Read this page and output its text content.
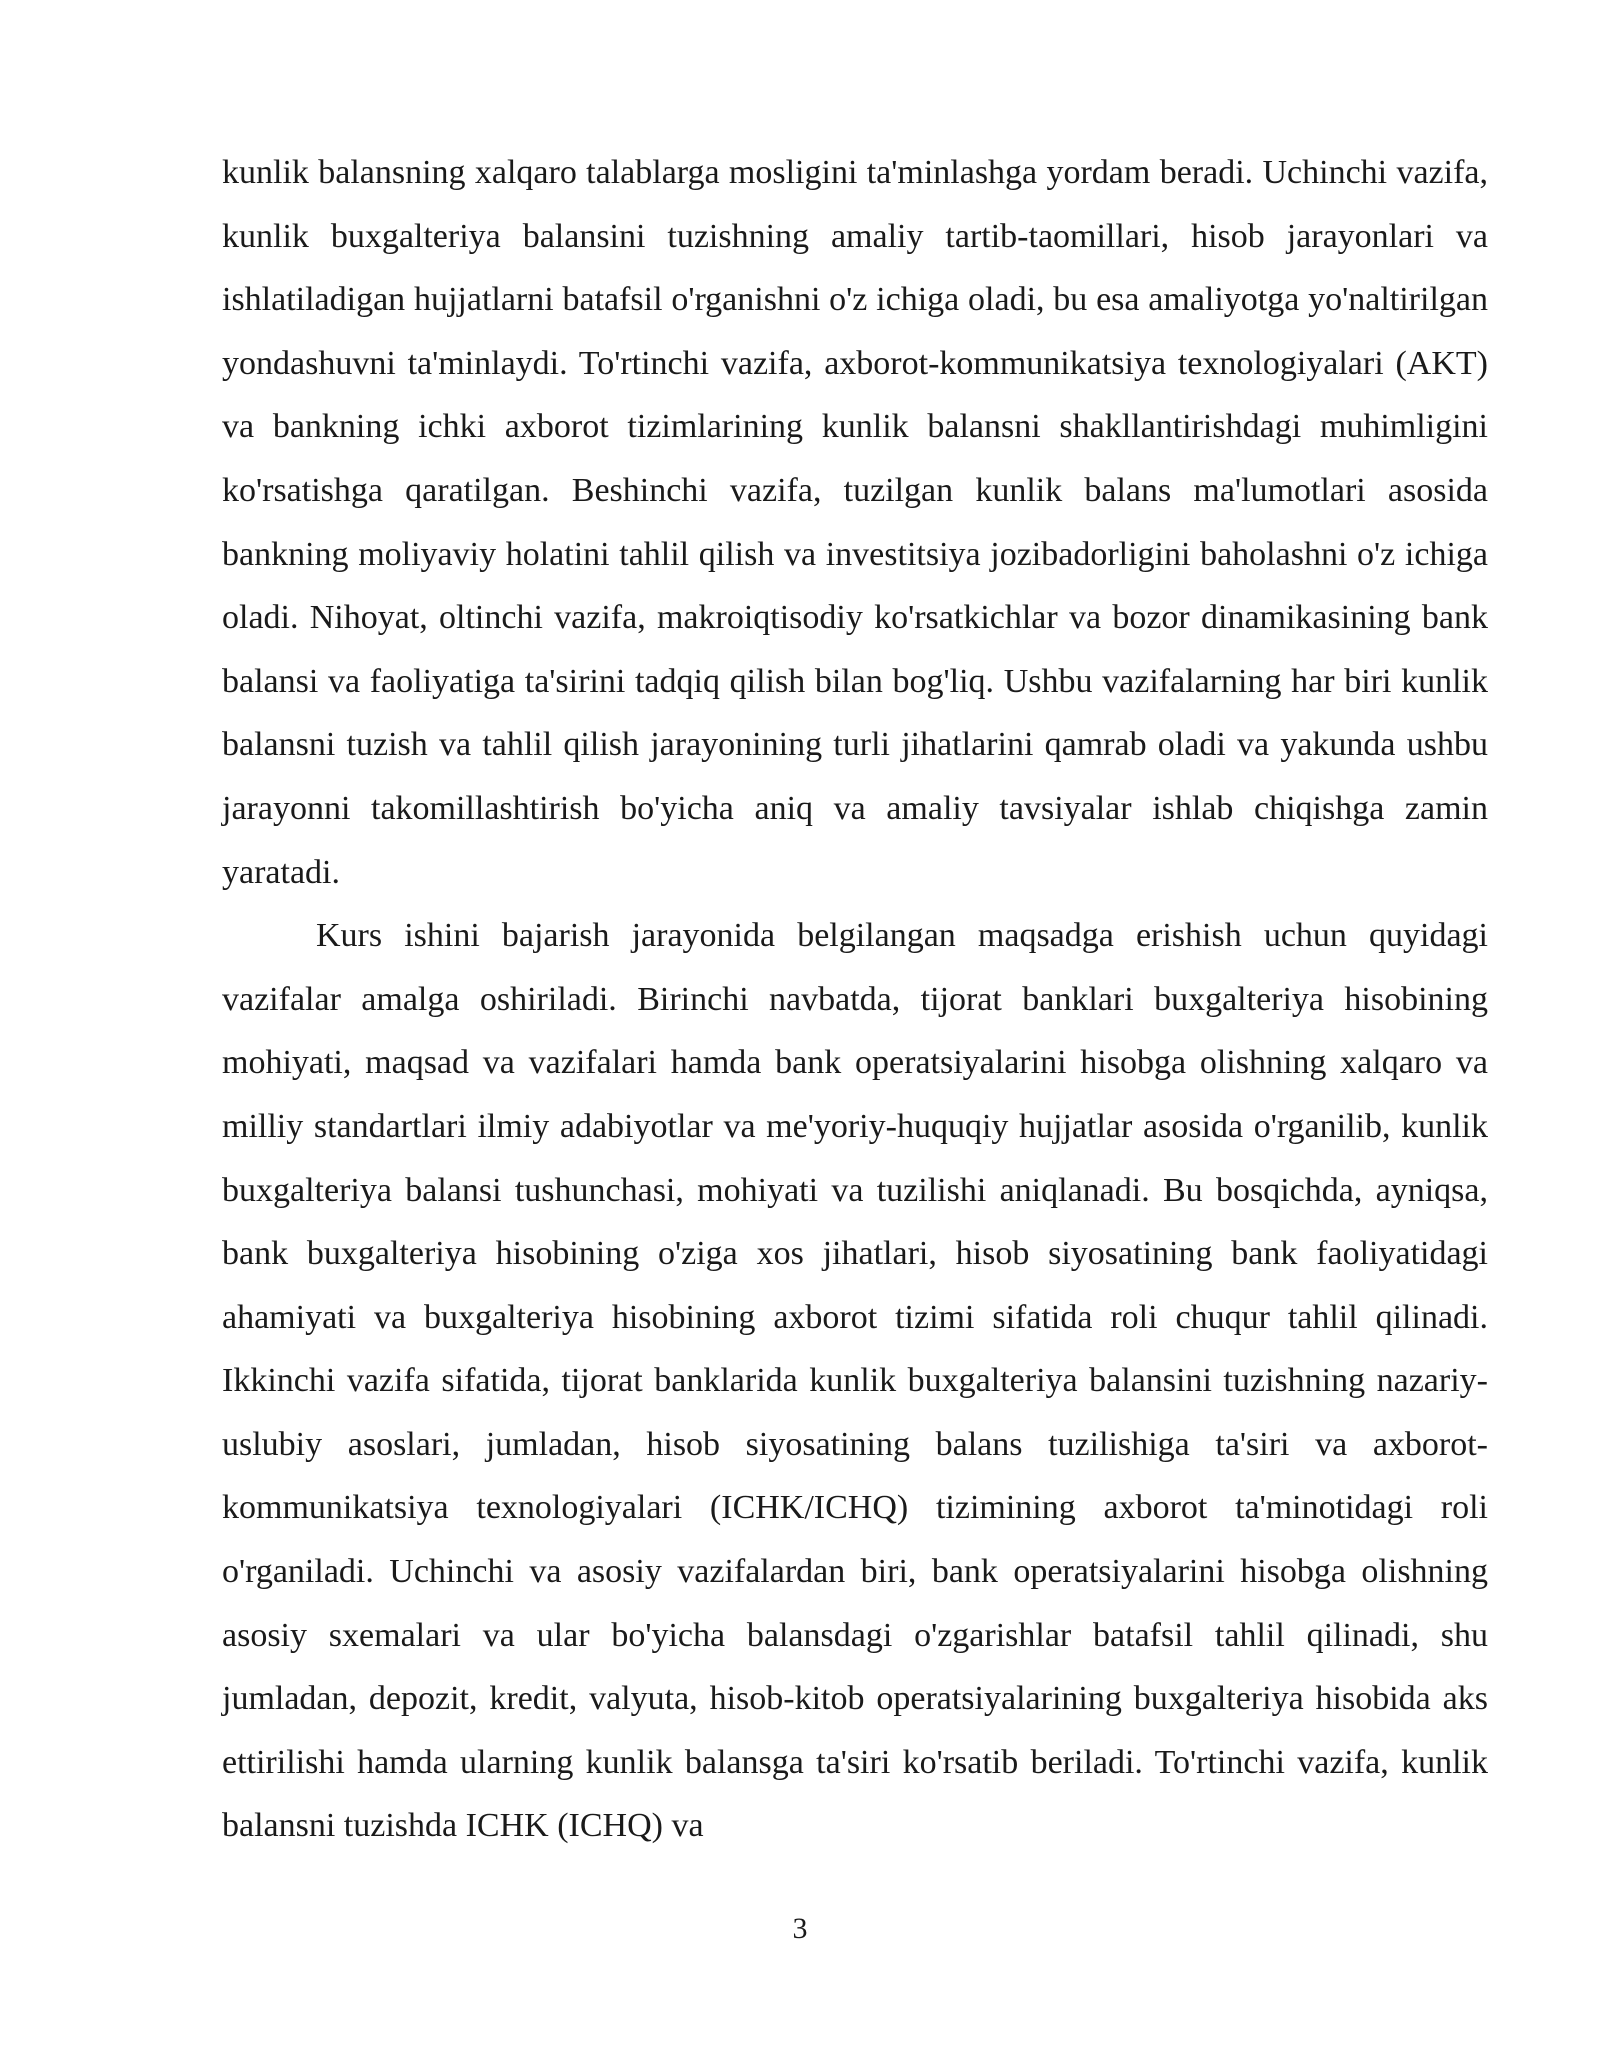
kunlik balansning xalqaro talablarga mosligini ta'minlashga yordam beradi. Uchinchi vazifa, kunlik buxgalteriya balansini tuzishning amaliy tartib-taomillari, hisob jarayonlari va ishlatiladigan hujjatlarni batafsil o'rganishni o'z ichiga oladi, bu esa amaliyotga yo'naltirilgan yondashuvni ta'minlaydi. To'rtinchi vazifa, axborot-kommunikatsiya texnologiyalari (AKT) va bankning ichki axborot tizimlarining kunlik balansni shakllantirishdagi muhimligini ko'rsatishga qaratilgan. Beshinchi vazifa, tuzilgan kunlik balans ma'lumotlari asosida bankning moliyaviy holatini tahlil qilish va investitsiya jozibadorligini baholashni o'z ichiga oladi. Nihoyat, oltinchi vazifa, makroiqtisodiy ko'rsatkichlar va bozor dinamikasining bank balansi va faoliyatiga ta'sirini tadqiq qilish bilan bog'liq. Ushbu vazifalarning har biri kunlik balansni tuzish va tahlil qilish jarayonining turli jihatlarini qamrab oladi va yakunda ushbu jarayonni takomillashtirish bo'yicha aniq va amaliy tavsiyalar ishlab chiqishga zamin yaratadi.

Kurs ishini bajarish jarayonida belgilangan maqsadga erishish uchun quyidagi vazifalar amalga oshiriladi. Birinchi navbatda, tijorat banklari buxgalteriya hisobining mohiyati, maqsad va vazifalari hamda bank operatsiyalarini hisobga olishning xalqaro va milliy standartlari ilmiy adabiyotlar va me'yoriy-huquqiy hujjatlar asosida o'rganilib, kunlik buxgalteriya balansi tushunchasi, mohiyati va tuzilishi aniqlanadi. Bu bosqichda, ayniqsa, bank buxgalteriya hisobining o'ziga xos jihatlari, hisob siyosatining bank faoliyatidagi ahamiyati va buxgalteriya hisobining axborot tizimi sifatida roli chuqur tahlil qilinadi. Ikkinchi vazifa sifatida, tijorat banklarida kunlik buxgalteriya balansini tuzishning nazariy-uslubiy asoslari, jumladan, hisob siyosatining balans tuzilishiga ta'siri va axborot-kommunikatsiya texnologiyalari (ICHK/ICHQ) tizimining axborot ta'minotidagi roli o'rganiladi. Uchinchi va asosiy vazifalardan biri, bank operatsiyalarini hisobga olishning asosiy sxemalari va ular bo'yicha balansdagi o'zgarishlar batafsil tahlil qilinadi, shu jumladan, depozit, kredit, valyuta, hisob-kitob operatsiyalarining buxgalteriya hisobida aks ettirilishi hamda ularning kunlik balansga ta'siri ko'rsatib beriladi. To'rtinchi vazifa, kunlik balansni tuzishda ICHK (ICHQ) va

3
